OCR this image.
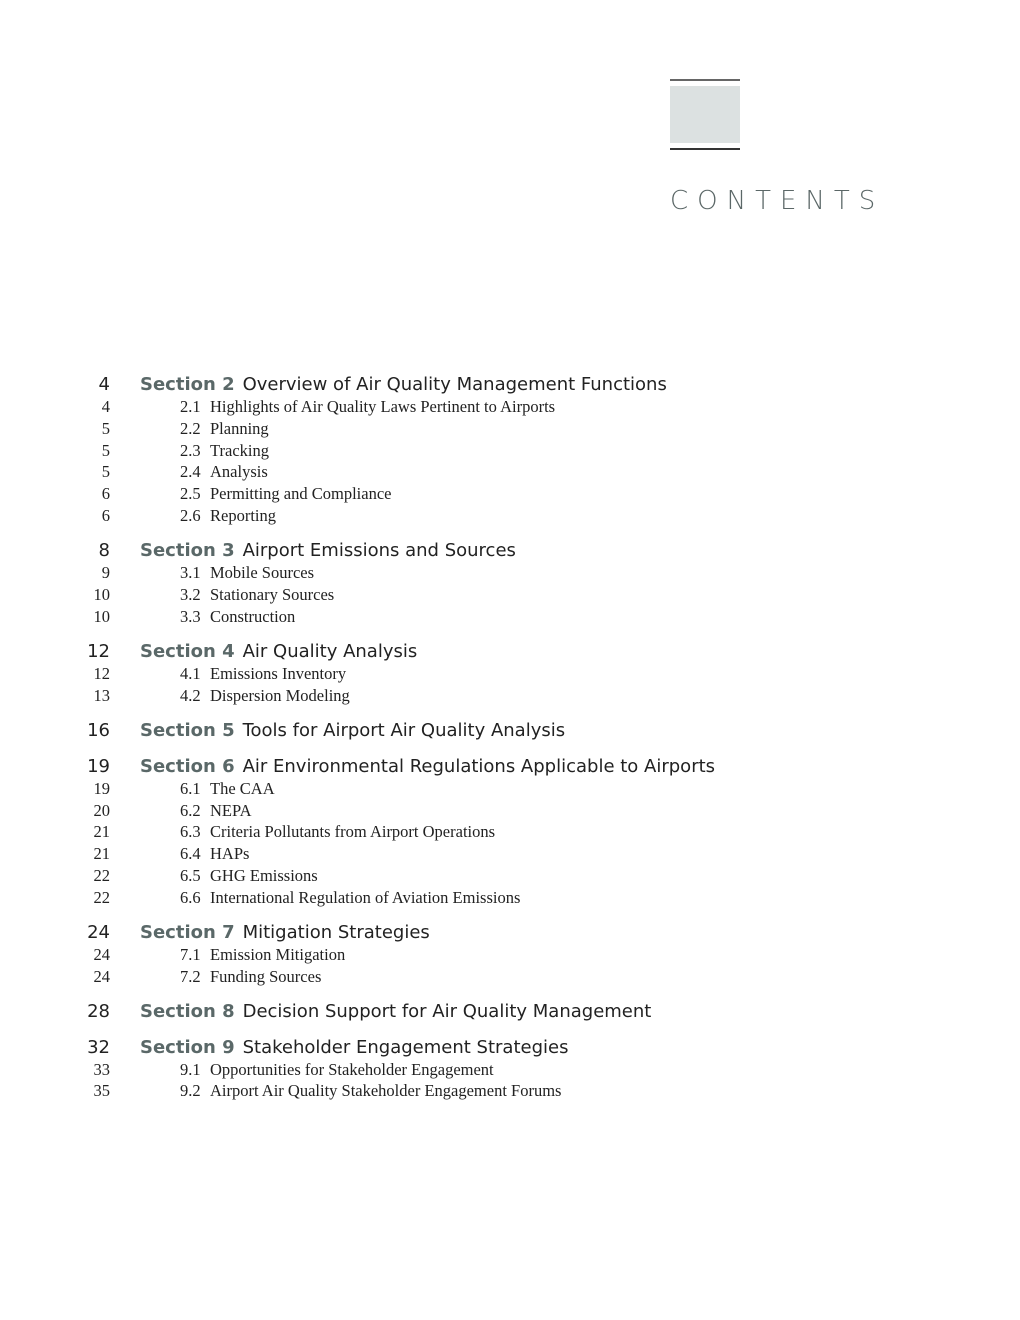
CONTENTS
4 Section 2 Overview of Air Quality Management Functions
4	2.1 Highlights of Air Quality Laws Pertinent to Airports
5	2.2 Planning
5	2.3 Tracking
5	2.4 Analysis
6	2.5 Permitting and Compliance
6	2.6 Reporting
8 Section 3 Airport Emissions and Sources
9	3.1 Mobile Sources
10	3.2 Stationary Sources
10	3.3 Construction
12 Section 4 Air Quality Analysis
12	4.1 Emissions Inventory
13	4.2 Dispersion Modeling
16 Section 5 Tools for Airport Air Quality Analysis
19 Section 6 Air Environmental Regulations Applicable to Airports
19	6.1 The CAA
20	6.2 NEPA
21	6.3 Criteria Pollutants from Airport Operations
21	6.4 HAPs
22	6.5 GHG Emissions
22	6.6 International Regulation of Aviation Emissions
24 Section 7 Mitigation Strategies
24	7.1 Emission Mitigation
24	7.2 Funding Sources
28 Section 8 Decision Support for Air Quality Management
32 Section 9 Stakeholder Engagement Strategies
33	9.1 Opportunities for Stakeholder Engagement
35	9.2 Airport Air Quality Stakeholder Engagement Forums
